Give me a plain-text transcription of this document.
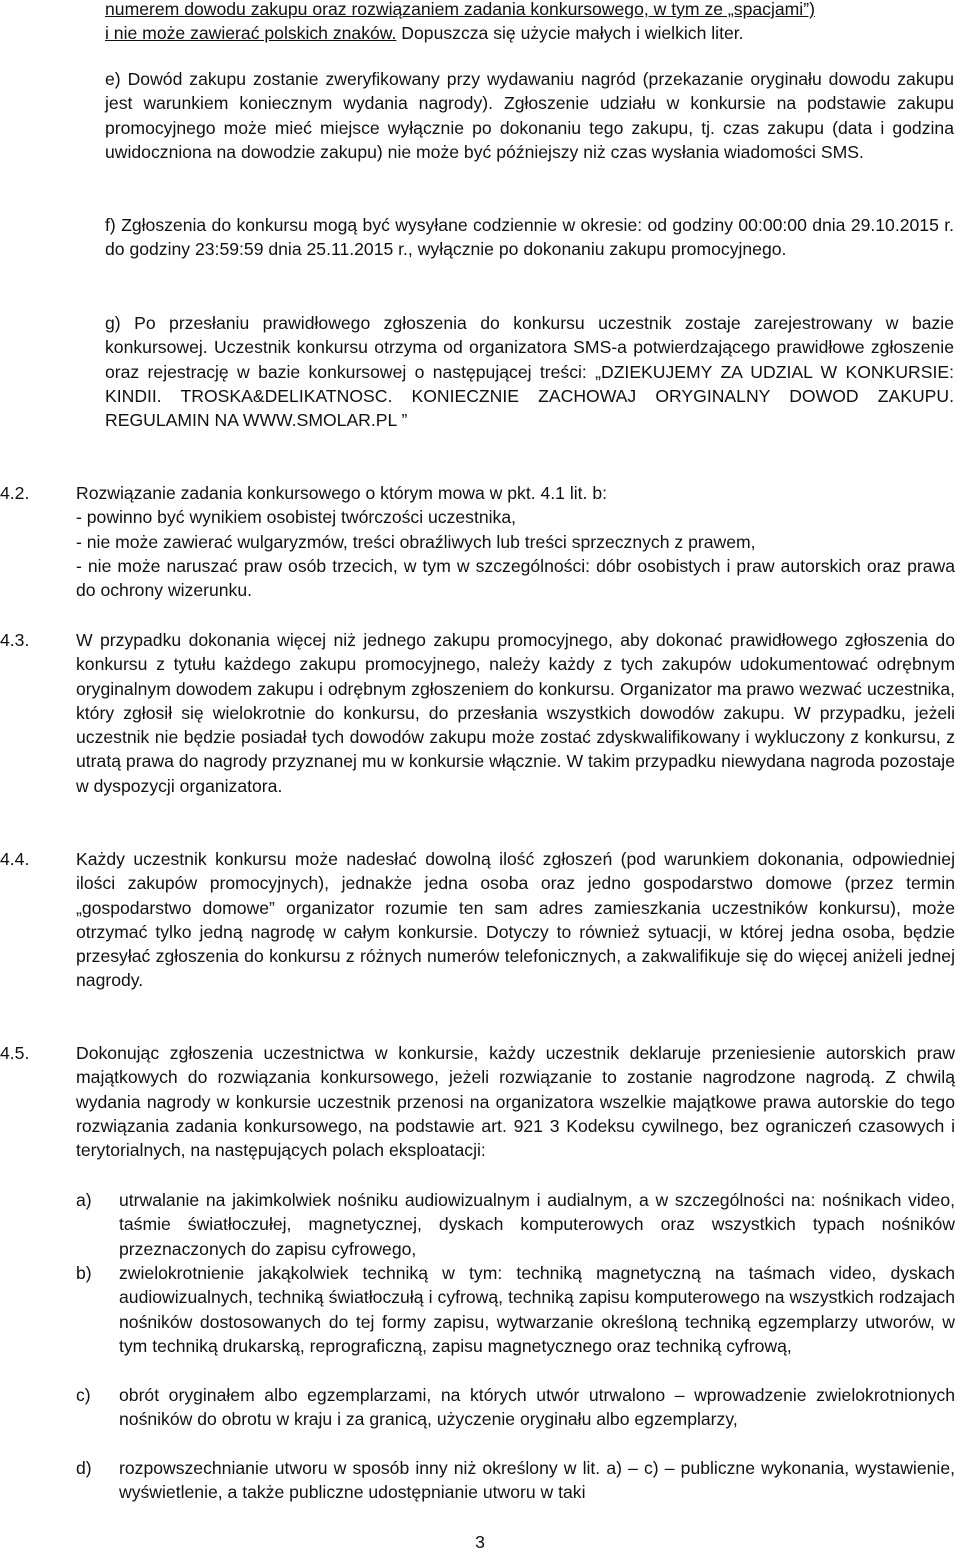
numerem dowodu zakupu oraz rozwiązaniem zadania konkursowego, w tym ze „spacjami”)
i nie może zawierać polskich znaków. Dopuszcza się użycie małych i wielkich liter.
e) Dowód zakupu zostanie zweryfikowany przy wydawaniu nagród (przekazanie oryginału dowodu zakupu jest warunkiem koniecznym wydania nagrody). Zgłoszenie udziału w konkursie na podstawie zakupu promocyjnego może mieć miejsce wyłącznie po dokonaniu tego zakupu, tj. czas zakupu (data i godzina uwidoczniona na dowodzie zakupu) nie może być późniejszy niż czas wysłania wiadomości SMS.
f) Zgłoszenia do konkursu mogą być wysyłane codziennie w okresie: od godziny 00:00:00 dnia 29.10.2015 r. do godziny 23:59:59 dnia 25.11.2015 r., wyłącznie po dokonaniu zakupu promocyjnego.
g) Po przesłaniu prawidłowego zgłoszenia do konkursu uczestnik zostaje zarejestrowany w bazie konkursowej. Uczestnik konkursu otrzyma od organizatora SMS-a potwierdzającego prawidłowe zgłoszenie oraz rejestrację w bazie konkursowej o następującej treści: „DZIEKUJEMY ZA UDZIAL W KONKURSIE: KINDII. TROSKA&DELIKATNOSC. KONIECZNIE ZACHOWAJ ORYGINALNY DOWOD ZAKUPU. REGULAMIN NA WWW.SMOLAR.PL ”
4.2.	Rozwiązanie zadania konkursowego o którym mowa w pkt. 4.1 lit. b:
- powinno być wynikiem osobistej twórczości uczestnika,
- nie może zawierać wulgaryzmów, treści obraźliwych lub treści sprzecznych z prawem,
- nie może naruszać praw osób trzecich, w tym w szczególności: dóbr osobistych i praw autorskich oraz prawa do ochrony wizerunku.
4.3.	W przypadku dokonania więcej niż jednego zakupu promocyjnego, aby dokonać prawidłowego zgłoszenia do konkursu z tytułu każdego zakupu promocyjnego, należy każdy z tych zakupów udokumentować odrębnym oryginalnym dowodem zakupu i odrębnym zgłoszeniem do konkursu. Organizator ma prawo wezwać uczestnika, który zgłosił się wielokrotnie do konkursu, do przesłania wszystkich dowodów zakupu. W przypadku, jeżeli uczestnik nie będzie posiadał tych dowodów zakupu może zostać zdyskwalifikowany i wykluczony z konkursu, z utratą prawa do nagrody przyznanej mu w konkursie włącznie. W takim przypadku niewydana nagroda pozostaje w dyspozycji organizatora.
4.4.	Każdy uczestnik konkursu może nadesłać dowolną ilość zgłoszeń (pod warunkiem dokonania, odpowiedniej ilości zakupów promocyjnych), jednakże jedna osoba oraz jedno gospodarstwo domowe (przez termin „gospodarstwo domowe” organizator rozumie ten sam adres zamieszkania uczestników konkursu), może otrzymać tylko jedną nagrodę w całym konkursie. Dotyczy to również sytuacji, w której jedna osoba, będzie przesyłać zgłoszenia do konkursu z różnych numerów telefonicznych, a zakwalifikuje się do więcej aniżeli jednej nagrody.
4.5.	Dokonując zgłoszenia uczestnictwa w konkursie, każdy uczestnik deklaruje przeniesienie autorskich praw majątkowych do rozwiązania konkursowego, jeżeli rozwiązanie to zostanie nagrodzone nagrodą. Z chwilą wydania nagrody w konkursie uczestnik przenosi na organizatora wszelkie majątkowe prawa autorskie do tego rozwiązania zadania konkursowego, na podstawie art. 921 3 Kodeksu cywilnego, bez ograniczeń czasowych i terytorialnych, na następujących polach eksploatacji:
a)	utrwalanie na jakimkolwiek nośniku audiowizualnym i audialnym, a w szczególności na: nośnikach video, taśmie światłoczułej, magnetycznej, dyskach komputerowych oraz wszystkich typach nośników przeznaczonych do zapisu cyfrowego,
b)	zwielokrotnienie jakąkolwiek techniką w tym: techniką magnetyczną na taśmach video, dyskach audiowizualnych, techniką światłoczułą i cyfrową, techniką zapisu komputerowego na wszystkich rodzajach nośników dostosowanych do tej formy zapisu, wytwarzanie określoną techniką egzemplarzy utworów, w tym techniką drukarską, reprograficzną, zapisu magnetycznego oraz techniką cyfrową,
c)	obrót oryginałem albo egzemplarzami, na których utwór utrwalono – wprowadzenie zwielokrotnionych nośników do obrotu w kraju i za granicą, użyczenie oryginału albo egzemplarzy,
d)	rozpowszechnianie utworu w sposób inny niż określony w lit. a) – c) – publiczne wykonania, wystawienie, wyświetlenie, a także publiczne udostępnianie utworu w taki
3
